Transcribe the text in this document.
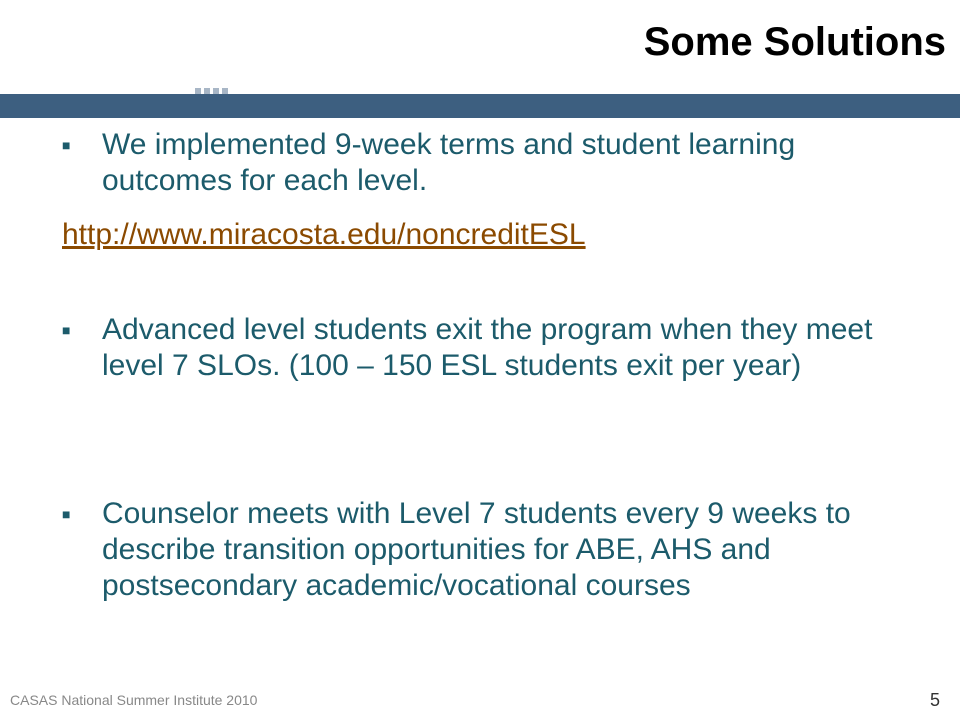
Some Solutions
■	We implemented 9-week terms and student learning outcomes for each level.
http://www.miracosta.edu/noncreditESL
■	Advanced level students exit the program when they meet level 7 SLOs. (100 – 150 ESL students exit per year)
■	Counselor meets with Level 7 students every 9 weeks to describe transition opportunities for ABE, AHS and postsecondary academic/vocational courses
CASAS National Summer Institute 2010	5
